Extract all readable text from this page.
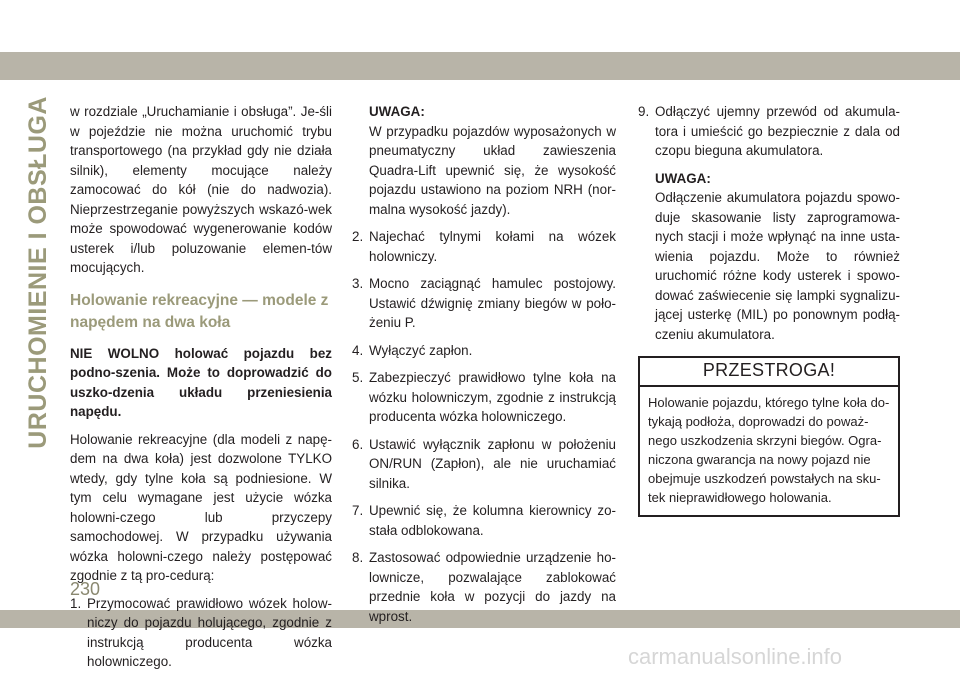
URUCHOMIENIE I OBSŁUGA w rozdziale „Uruchamianie i obsługa”. Je-śli w pojeździe nie można uruchomić trybu transportowego (na przykład gdy nie działa silnik), elementy mocujące należy zamocować do kół (nie do nadwozia). Nieprzestrzeganie powyższych wskazó-wek może spowodować wygenerowanie kodów usterek i/lub poluzowanie elemen-tów mocujących.

Holowanie rekreacyjne — modele z napędem na dwa koła

NIE WOLNO holować pojazdu bez podno-szenia. Może to doprowadzić do uszko-dzenia układu przeniesienia napędu.

Holowanie rekreacyjne (dla modeli z napę-dem na dwa koła) jest dozwolone TYLKO wtedy, gdy tylne koła są podniesione. W tym celu wymagane jest użycie wózka holowni-czego lub przyczepy samochodowej. W przypadku używania wózka holowni-czego należy postępować zgodnie z tą pro-cedurą:

1. Przymocować prawidłowo wózek holow-niczy do pojazdu holującego, zgodnie z instrukcją producenta wózka holowniczego.

UWAGA:

W przypadku pojazdów wyposażonych w pneumatyczny układ zawieszenia Quadra-Lift upewnić się, że wysokość pojazdu ustawiono na poziom NRH (nor-malna wysokość jazdy).

2. Najechać tylnymi kołami na wózek holowniczy.
3. Mocno zaciągnąć hamulec postojowy. Ustawić dźwignię zmiany biegów w poło-żeniu P.
4. Wyłączyć zapłon.
5. Zabezpieczyć prawidłowo tylne koła na wózku holowniczym, zgodnie z instrukcją producenta wózka holowniczego.
6. Ustawić wyłącznik zapłonu w położeniu ON/RUN (Zapłon), ale nie uruchamiać silnika.
7. Upewnić się, że kolumna kierownicy zo-stała odblokowana.
8. Zastosować odpowiednie urządzenie ho-lownicze, pozwalające zablokować przednie koła w pozycji do jazdy na wprost.
9. Odłączyć ujemny przewód od akumula-tora i umieścić go bezpiecznie z dala od czopu bieguna akumulatora.

UWAGA:

Odłączenie akumulatora pojazdu spowo-duje skasowanie listy zaprogramowa-nych stacji i może wpłynąć na inne usta-wienia pojazdu. Może to również uruchomić różne kody usterek i spowo-dować zaświecenie się lampki sygnalizu-jącej usterkę (MIL) po ponownym podłą-czeniu akumulatora.

PRZESTROGA!
Holowanie pojazdu, którego tylne koła do-tykają podłoża, doprowadzi do poważ-nego uszkodzenia skrzyni biegów. Ogra-niczona gwarancja na nowy pojazd nie obejmuje uszkodzeń powstałych na sku-tek nieprawidłowego holowania.
230
carmanualsonline.info
